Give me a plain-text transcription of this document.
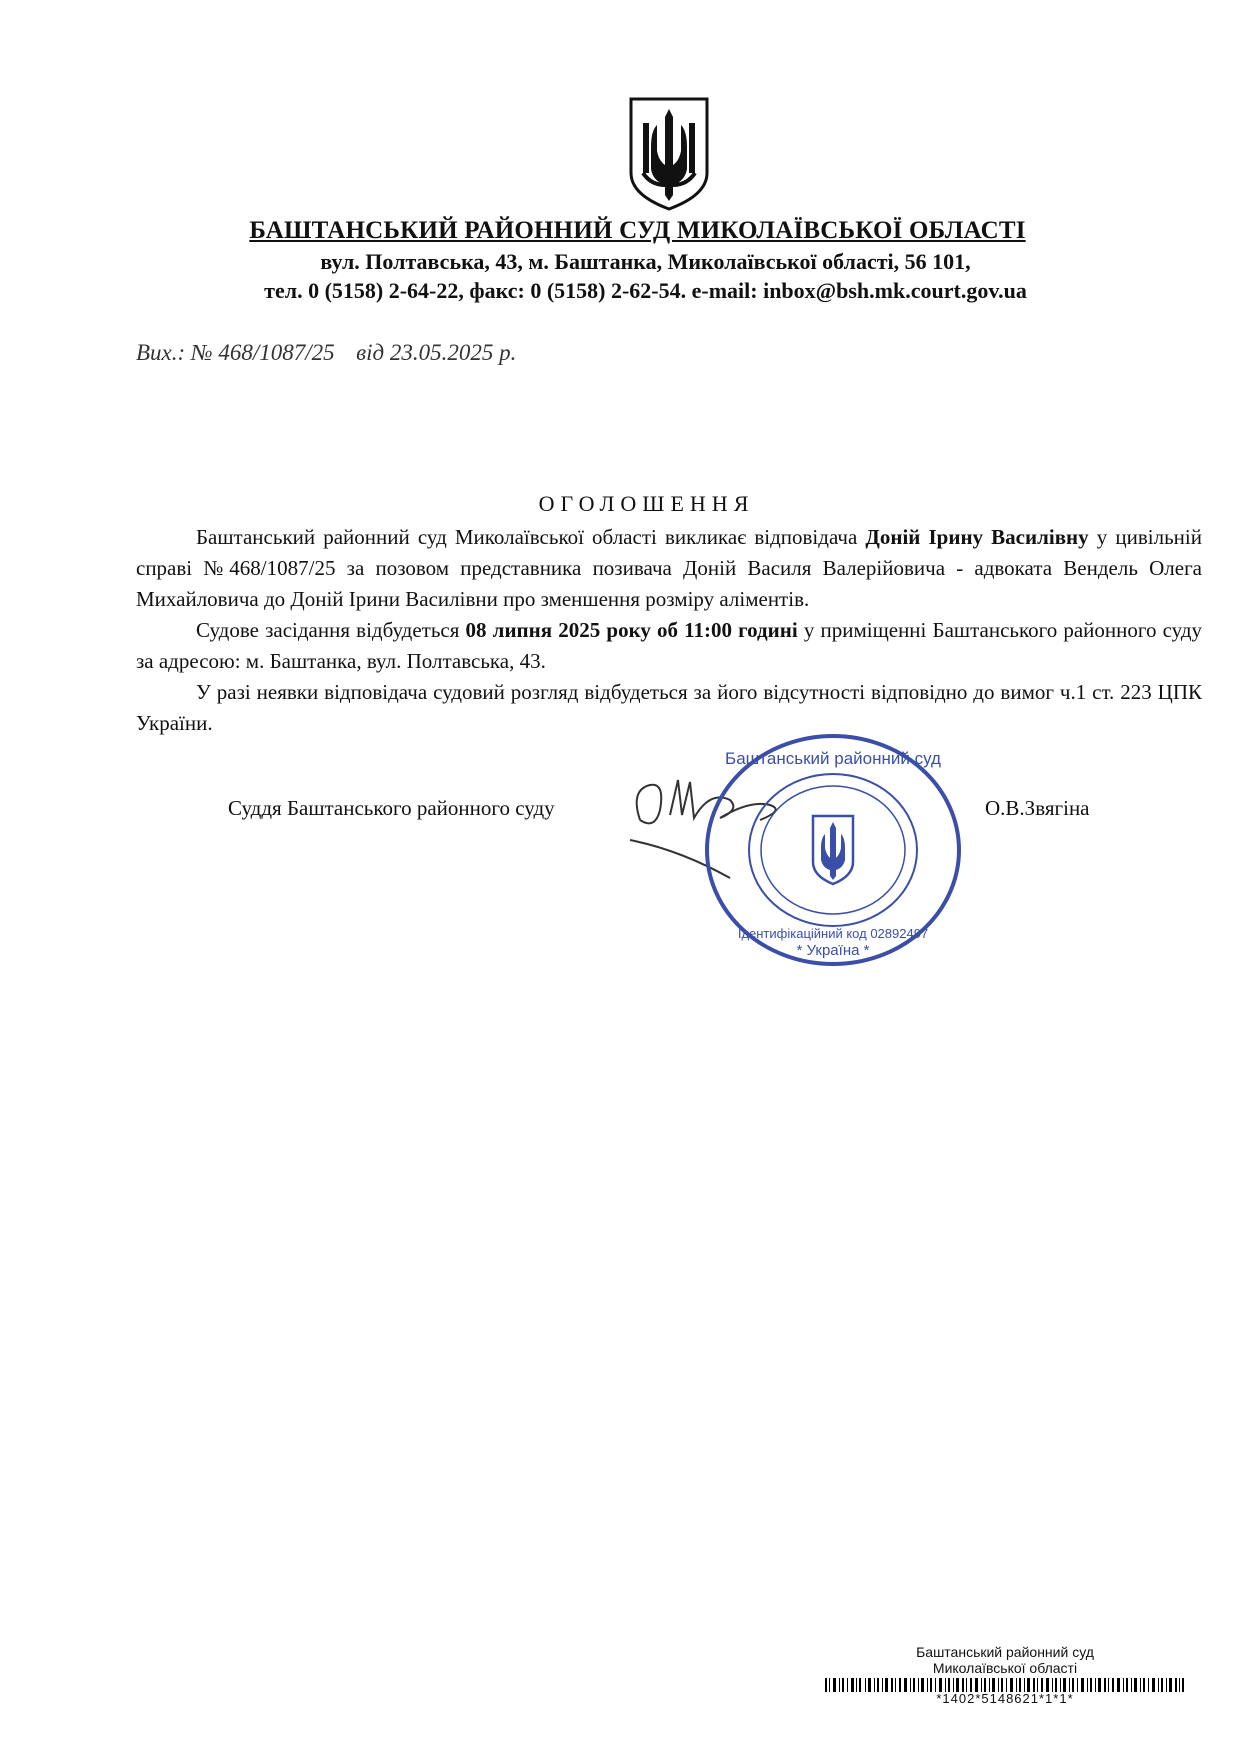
БАШТАНСЬКИЙ РАЙОННИЙ СУД МИКОЛАЇВСЬКОЇ ОБЛАСТІ
вул. Полтавська, 43, м. Баштанка, Миколаївської області, 56 101,
тел. 0 (5158) 2-64-22, факс: 0 (5158) 2-62-54. e-mail: inbox@bsh.mk.court.gov.ua
Вих.: № 468/1087/25 від 23.05.2025 р.
ОГОЛОШЕННЯ

Баштанський районний суд Миколаївської області викликає відповідача Доній Ірину Василівну у цивільній справі №468/1087/25 за позовом представника позивача Доній Василя Валерійовича - адвоката Вендель Олега Михайловича до Доній Ірини Василівни про зменшення розміру аліментів.

Судове засідання відбудеться 08 липня 2025 року об 11:00 годині у приміщенні Баштанського районного суду за адресою: м. Баштанка, вул. Полтавська, 43.

У разі неявки відповідача судовий розгляд відбудеться за його відсутності відповідно до вимог ч.1 ст. 223 ЦПК України.

Суддя Баштанського районного суду
Баштанський районний суд
Ідентифікаційний код 02892497
* Україна *
О.В.Звягіна
Баштанський районний суд
Миколаївської області
*1402*5148621*1*1*
